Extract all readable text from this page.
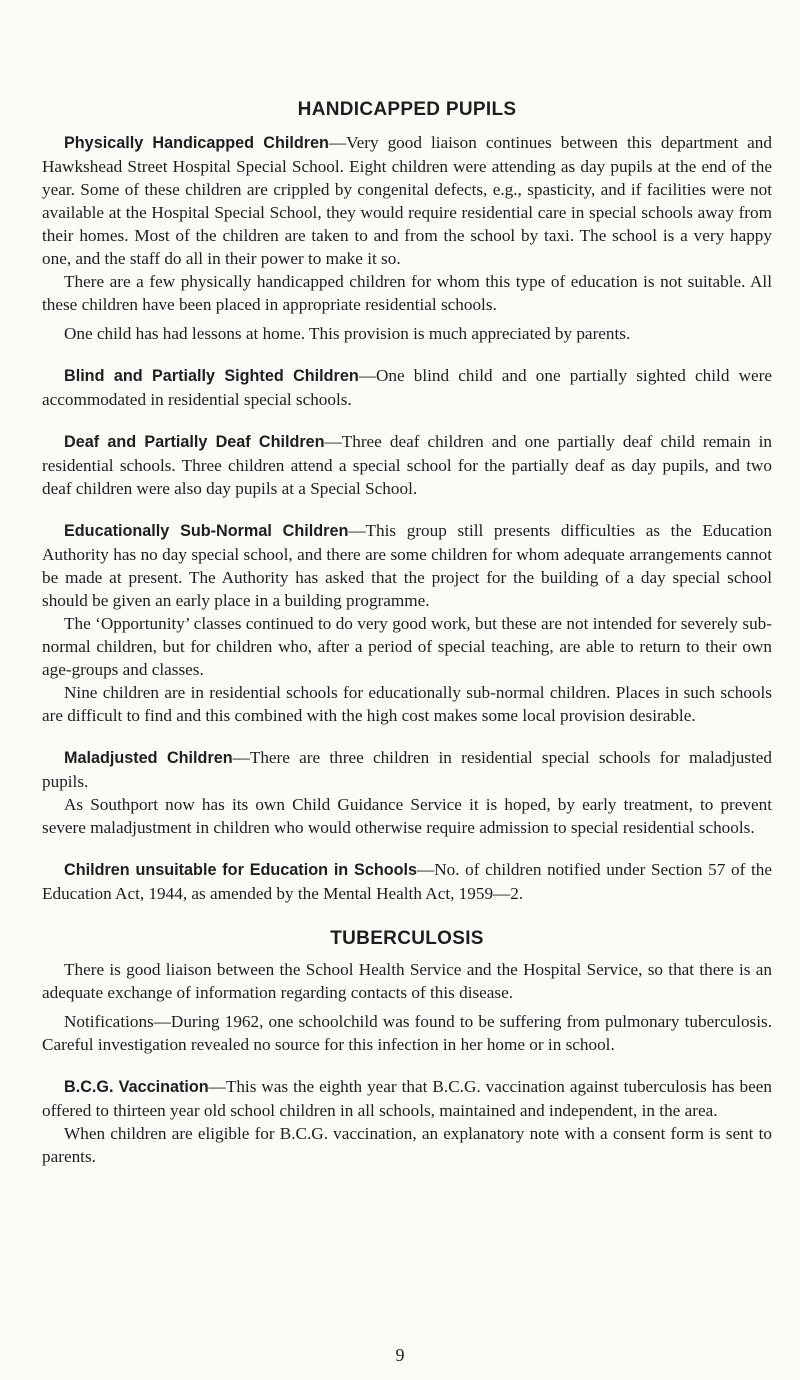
HANDICAPPED PUPILS

Physically Handicapped Children—Very good liaison continues between this department and Hawkshead Street Hospital Special School. Eight children were attending as day pupils at the end of the year. Some of these children are crippled by congenital defects, e.g., spasticity, and if facilities were not available at the Hospital Special School, they would require residential care in special schools away from their homes. Most of the children are taken to and from the school by taxi. The school is a very happy one, and the staff do all in their power to make it so.

There are a few physically handicapped children for whom this type of education is not suitable. All these children have been placed in appropriate residential schools.

One child has had lessons at home. This provision is much appreciated by parents.

Blind and Partially Sighted Children—One blind child and one partially sighted child were accommodated in residential special schools.

Deaf and Partially Deaf Children—Three deaf children and one partially deaf child remain in residential schools. Three children attend a special school for the partially deaf as day pupils, and two deaf children were also day pupils at a Special School.

Educationally Sub-Normal Children—This group still presents difficulties as the Education Authority has no day special school, and there are some children for whom adequate arrangements cannot be made at present. The Authority has asked that the project for the building of a day special school should be given an early place in a building programme.

The ‘Opportunity’ classes continued to do very good work, but these are not intended for severely sub-normal children, but for children who, after a period of special teaching, are able to return to their own age-groups and classes.

Nine children are in residential schools for educationally sub-normal children. Places in such schools are difficult to find and this combined with the high cost makes some local provision desirable.

Maladjusted Children—There are three children in residential special schools for maladjusted pupils.

As Southport now has its own Child Guidance Service it is hoped, by early treatment, to prevent severe maladjustment in children who would otherwise require admission to special residential schools.

Children unsuitable for Education in Schools—No. of children notified under Section 57 of the Education Act, 1944, as amended by the Mental Health Act, 1959—2.

TUBERCULOSIS

There is good liaison between the School Health Service and the Hospital Service, so that there is an adequate exchange of information regarding contacts of this disease.

Notifications—During 1962, one schoolchild was found to be suffering from pulmonary tuberculosis. Careful investigation revealed no source for this infection in her home or in school.

B.C.G. Vaccination—This was the eighth year that B.C.G. vaccination against tuberculosis has been offered to thirteen year old school children in all schools, maintained and independent, in the area.

When children are eligible for B.C.G. vaccination, an explanatory note with a consent form is sent to parents.

9
